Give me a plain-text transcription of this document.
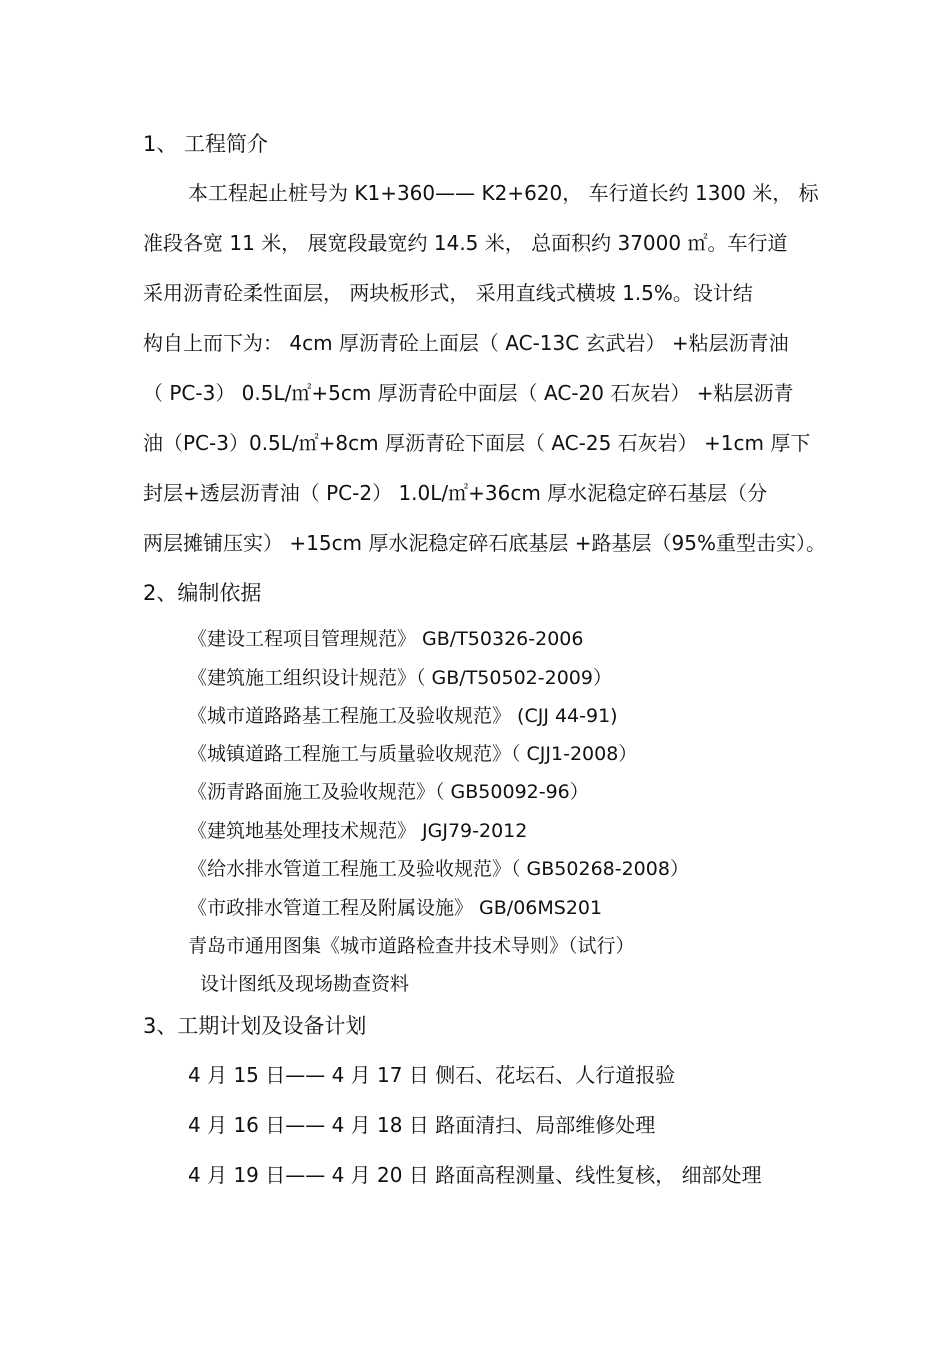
1、 工程简介
本工程起止桩号为 K1+360—— K2+620， 车行道长约 1300 米， 标
准段各宽 11 米， 展宽段最宽约 14.5 米， 总面积约 37000 ㎡。车行道
采用沥青砼柔性面层， 两块板形式， 采用直线式横坡 1.5%。设计结
构自上而下为： 4cm 厚沥青砼上面层（ AC-13C 玄武岩） +粘层沥青油
（ PC-3） 0.5L/㎡+5cm 厚沥青砼中面层（ AC-20 石灰岩） +粘层沥青
油（PC-3）0.5L/㎡+8cm 厚沥青砼下面层（ AC-25 石灰岩） +1cm 厚下
封层+透层沥青油（ PC-2） 1.0L/㎡+36cm 厚水泥稳定碎石基层（分
两层摊铺压实） +15cm 厚水泥稳定碎石底基层 +路基层（95%重型击实）。
2、编制依据
《建设工程项目管理规范》 GB/T50326-2006
《建筑施工组织设计规范》（ GB/T50502-2009）
《城市道路路基工程施工及验收规范》 (CJJ 44-91)
《城镇道路工程施工与质量验收规范》（ CJJ1-2008）
《沥青路面施工及验收规范》（ GB50092-96）
《建筑地基处理技术规范》 JGJ79-2012
《给水排水管道工程施工及验收规范》（ GB50268-2008）
《市政排水管道工程及附属设施》 GB/06MS201
青岛市通用图集《城市道路检查井技术导则》（试行）
设计图纸及现场勘查资料
3、工期计划及设备计划
4 月 15 日—— 4 月 17 日 侧石、花坛石、人行道报验
4 月 16 日—— 4 月 18 日 路面清扫、局部维修处理
4 月 19 日—— 4 月 20 日 路面高程测量、线性复核， 细部处理
